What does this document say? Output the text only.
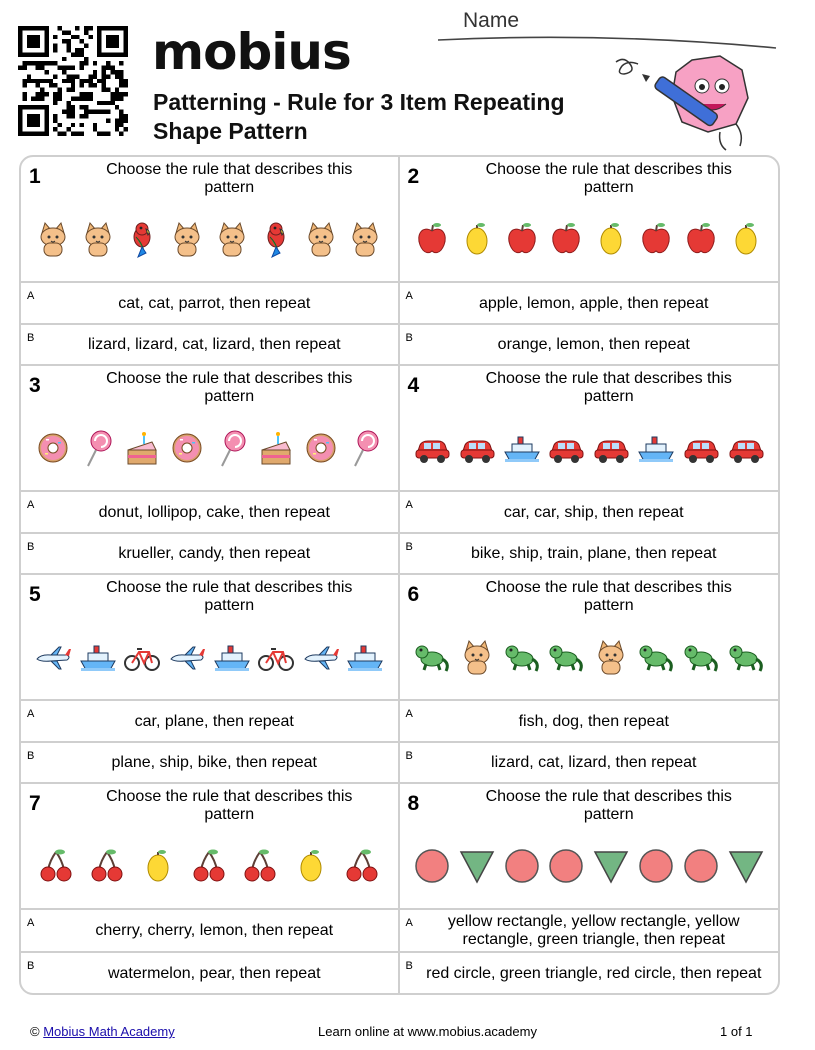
mobius
Patterning - Rule for 3 Item Repeating Shape Pattern
Name
1	Choose the rule that describes this pattern
A	cat, cat, parrot, then repeat
B	lizard, lizard, cat, lizard, then repeat
2	Choose the rule that describes this pattern
A	apple, lemon, apple, then repeat
B	orange, lemon, then repeat
3	Choose the rule that describes this pattern
A	donut, lollipop, cake, then repeat
B	krueller, candy, then repeat
4	Choose the rule that describes this pattern
A	car, car, ship, then repeat
B	bike, ship, train, plane, then repeat
5	Choose the rule that describes this pattern
A	car, plane, then repeat
B	plane, ship, bike, then repeat
6	Choose the rule that describes this pattern
A	fish, dog, then repeat
B	lizard, cat, lizard, then repeat
7	Choose the rule that describes this pattern
A	cherry, cherry, lemon, then repeat
B	watermelon, pear, then repeat
8	Choose the rule that describes this pattern
A	yellow rectangle, yellow rectangle, yellow rectangle, green triangle, then repeat
B red circle, green triangle, red circle, then repeat
© Mobius Math Academy	Learn online at www.mobius.academy	1 of 1
